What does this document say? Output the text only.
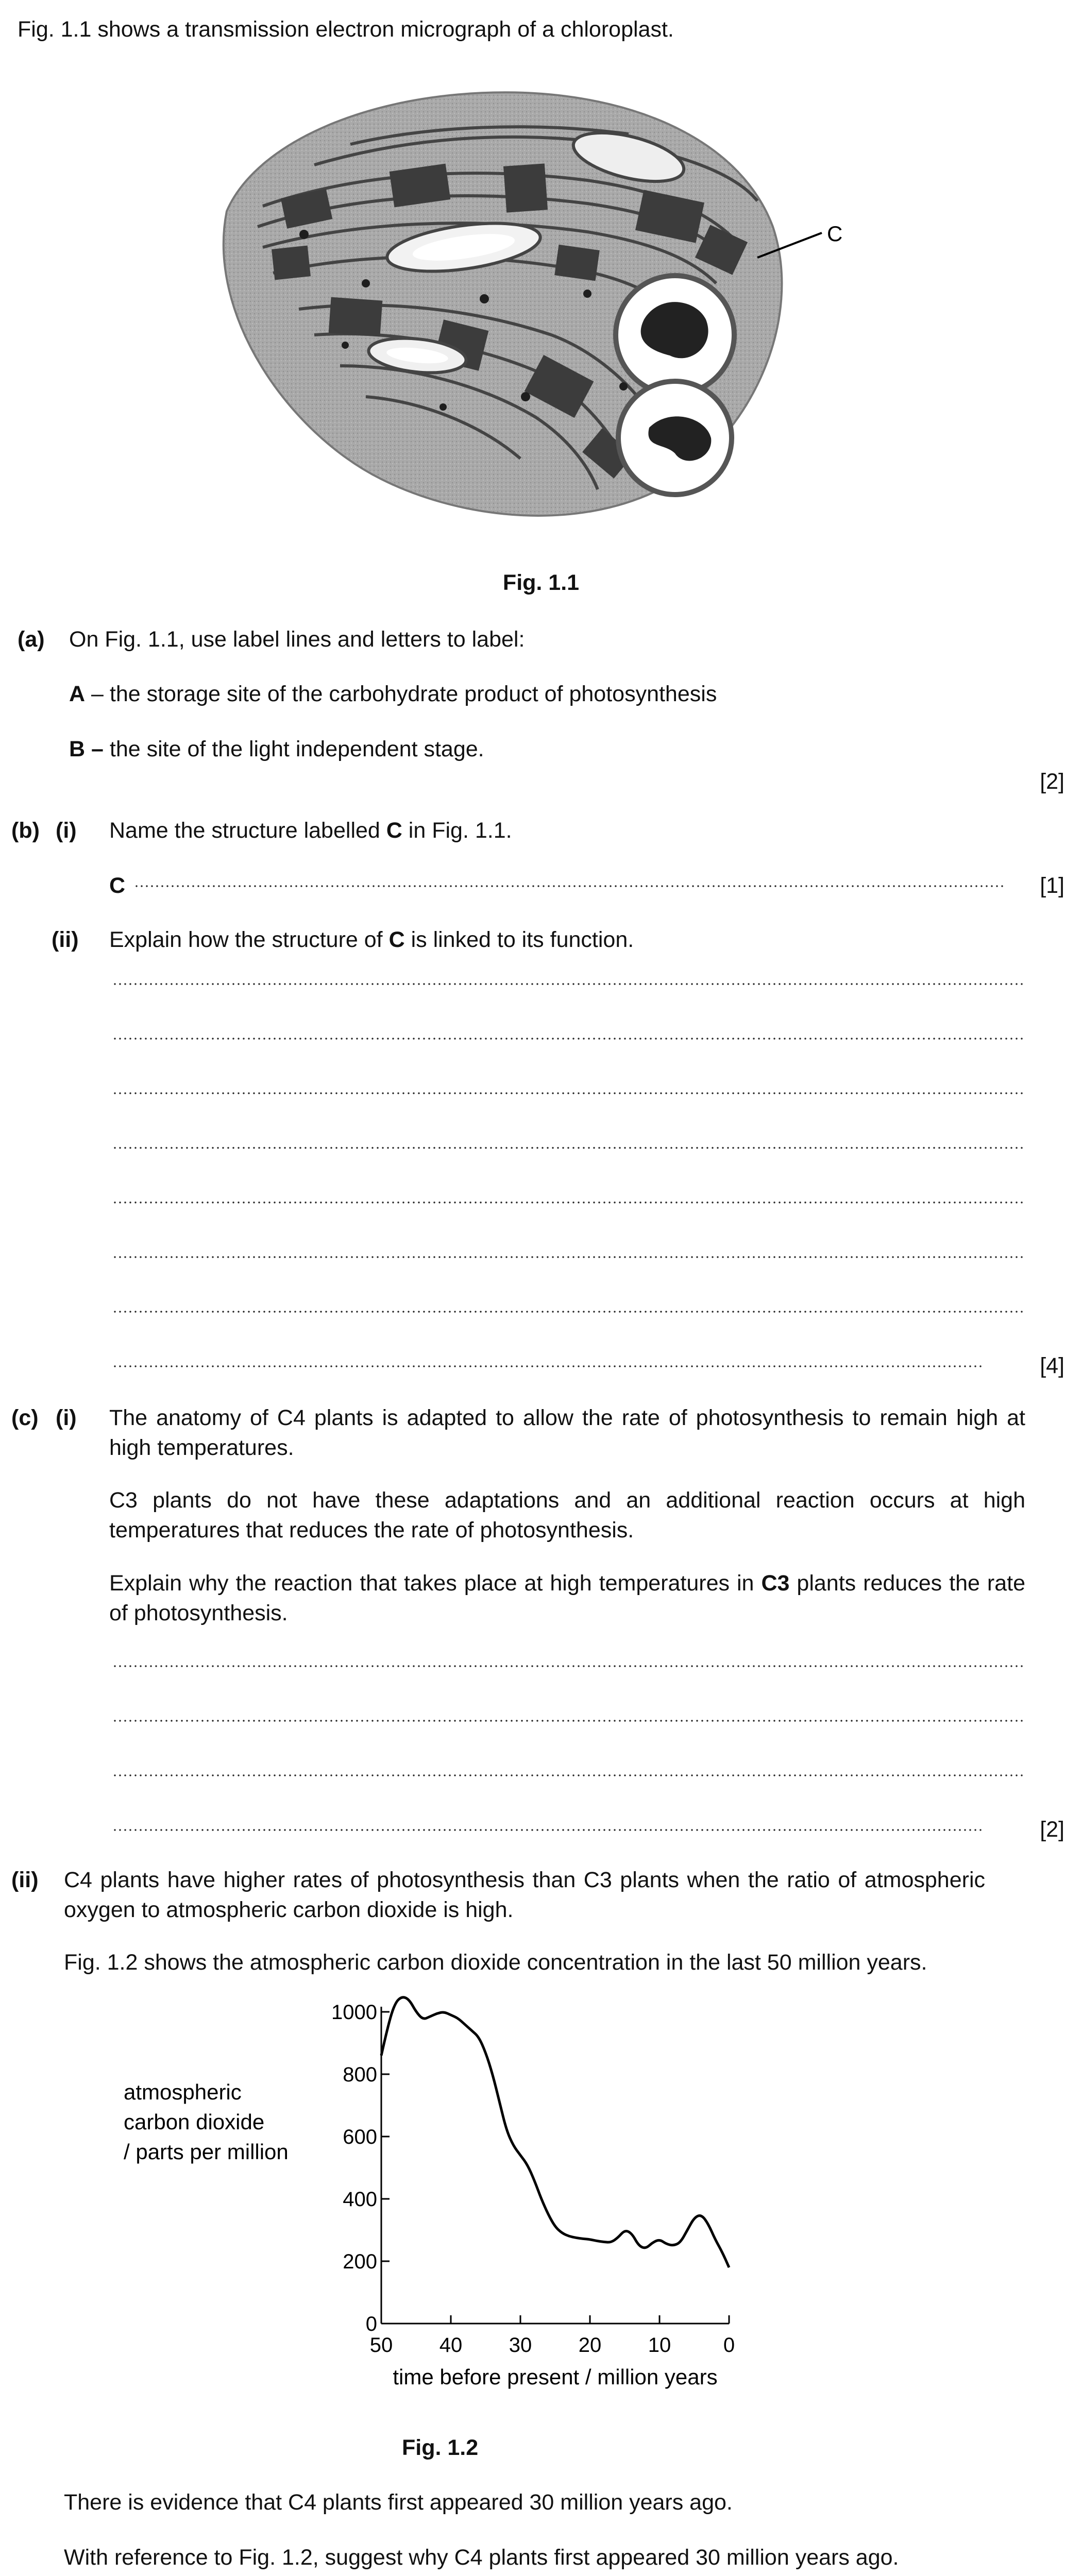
Fig. 1.1 shows a transmission electron micrograph of a chloroplast.
C
Fig. 1.1
(a) On Fig. 1.1, use label lines and letters to label:
A – the storage site of the carbohydrate product of photosynthesis
B – the site of the light independent stage.
[2]
(b) (i) Name the structure labelled C in Fig. 1.1.
C	[1]
(ii) Explain how the structure of C is linked to its function.
[4]
(c) (i) The anatomy of C4 plants is adapted to allow the rate of photosynthesis to remain high at high temperatures.
C3 plants do not have these adaptations and an additional reaction occurs at high temperatures that reduces the rate of photosynthesis.
Explain why the reaction that takes place at high temperatures in C3 plants reduces the rate of photosynthesis.
[2]
(ii) C4 plants have higher rates of photosynthesis than C3 plants when the ratio of atmospheric oxygen to atmospheric carbon dioxide is high.
Fig. 1.2 shows the atmospheric carbon dioxide concentration in the last 50 million years.
atmospheric
carbon dioxide
/ parts per million
0
200
400
600
800
1000
50 40 30 20 10	0
time before present / million years
Fig. 1.2
There is evidence that C4 plants first appeared 30 million years ago.
With reference to Fig. 1.2, suggest why C4 plants first appeared 30 million years ago.
